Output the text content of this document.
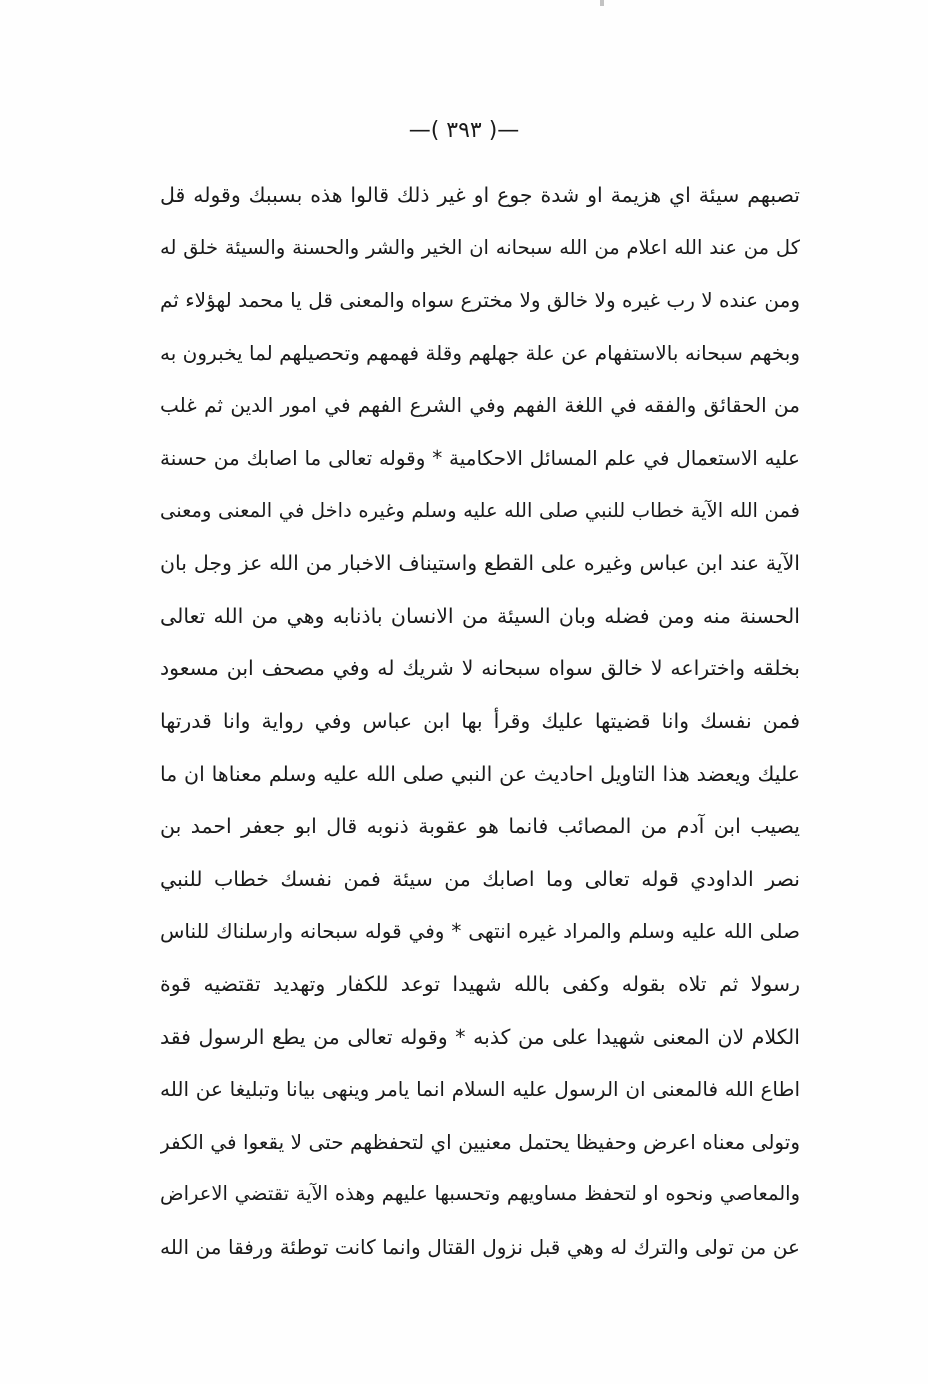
—( ٣٩٣ )—
تصبهم سيئة اي هزيمة او شدة جوع او غير ذلك قالوا هذه بسببك وقوله قل
كل من عند الله اعلام من الله سبحانه ان الخير والشر والحسنة والسيئة خلق له
ومن عنده لا رب غيره ولا خالق ولا مخترع سواه والمعنى قل يا محمد لهؤلاء ثم
وبخهم سبحانه بالاستفهام عن علة جهلهم وقلة فهمهم وتحصيلهم لما يخبرون به
من الحقائق والفقه في اللغة الفهم وفي الشرع الفهم في امور الدين ثم غلب
عليه الاستعمال في علم المسائل الاحكامية * وقوله تعالى ما اصابك من حسنة
فمن الله الآية خطاب للنبي صلى الله عليه وسلم وغيره داخل في المعنى ومعنى
الآية عند ابن عباس وغيره على القطع واستيناف الاخبار من الله عز وجل بان
الحسنة منه ومن فضله وبان السيئة من الانسان باذنابه وهي من الله تعالى
بخلقه واختراعه لا خالق سواه سبحانه لا شريك له وفي مصحف ابن مسعود
فمن نفسك وانا قضيتها عليك وقرأ بها ابن عباس وفي رواية وانا قدرتها
عليك ويعضد هذا التاويل احاديث عن النبي صلى الله عليه وسلم معناها ان ما
يصيب ابن آدم من المصائب فانما هو عقوبة ذنوبه قال ابو جعفر احمد بن
نصر الداودي قوله تعالى وما اصابك من سيئة فمن نفسك خطاب للنبي
صلى الله عليه وسلم والمراد غيره انتهى * وفي قوله سبحانه وارسلناك للناس
رسولا ثم تلاه بقوله وكفى بالله شهيدا توعد للكفار وتهديد تقتضيه قوة
الكلام لان المعنى شهيدا على من كذبه * وقوله تعالى من يطع الرسول فقد
اطاع الله فالمعنى ان الرسول عليه السلام انما يامر وينهى بيانا وتبليغا عن الله
وتولى معناه اعرض وحفيظا يحتمل معنيين اي لتحفظهم حتى لا يقعوا في الكفر
والمعاصي ونحوه او لتحفظ مساويهم وتحسبها عليهم وهذه الآية تقتضي الاعراض
عن من تولى والترك له وهي قبل نزول القتال وانما كانت توطئة ورفقا من الله
